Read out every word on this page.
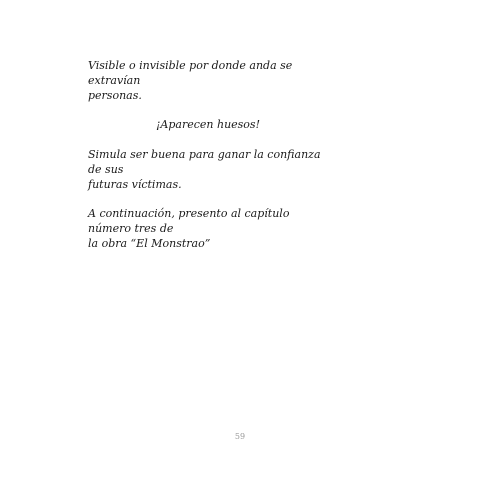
Visible o invisible por donde anda se extravían
personas.

¡Aparecen huesos!

Simula ser buena para ganar la confianza de sus
futuras víctimas.

A continuación, presento al capítulo número tres de
la obra “El Monstrao”

59
